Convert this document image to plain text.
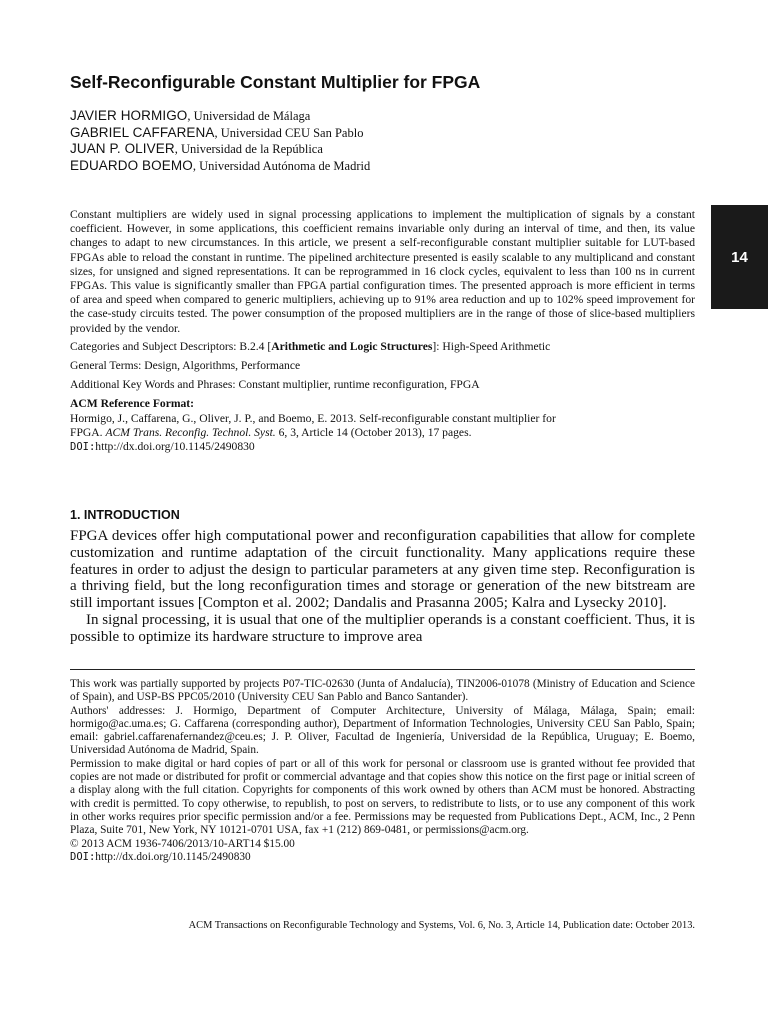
Self-Reconfigurable Constant Multiplier for FPGA
JAVIER HORMIGO, Universidad de Málaga
GABRIEL CAFFARENA, Universidad CEU San Pablo
JUAN P. OLIVER, Universidad de la República
EDUARDO BOEMO, Universidad Autónoma de Madrid
14

Constant multipliers are widely used in signal processing applications to implement the multiplication of signals by a constant coefficient. However, in some applications, this coefficient remains invariable only during an interval of time, and then, its value changes to adapt to new circumstances. In this article, we present a self-reconfigurable constant multiplier suitable for LUT-based FPGAs able to reload the constant in runtime. The pipelined architecture presented is easily scalable to any multiplicand and constant sizes, for unsigned and signed representations. It can be reprogrammed in 16 clock cycles, equivalent to less than 100 ns in current FPGAs. This value is significantly smaller than FPGA partial configuration times. The presented approach is more efficient in terms of area and speed when compared to generic multipliers, achieving up to 91% area reduction and up to 102% speed improvement for the case-study circuits tested. The power consumption of the proposed multipliers are in the range of those of slice-based multipliers provided by the vendor.

Categories and Subject Descriptors: B.2.4 [Arithmetic and Logic Structures]: High-Speed Arithmetic

General Terms: Design, Algorithms, Performance

Additional Key Words and Phrases: Constant multiplier, runtime reconfiguration, FPGA

ACM Reference Format:

Hormigo, J., Caffarena, G., Oliver, J. P., and Boemo, E. 2013. Self-reconfigurable constant multiplier for

FPGA. ACM Trans. Reconfig. Technol. Syst. 6, 3, Article 14 (October 2013), 17 pages.

DOI:http://dx.doi.org/10.1145/2490830

1. INTRODUCTION

FPGA devices offer high computational power and reconfiguration capabilities that allow for complete customization and runtime adaptation of the circuit functionality. Many applications require these features in order to adjust the design to particular parameters at any given time step. Reconfiguration is a thriving field, but the long reconfiguration times and storage or generation of the new bitstream are still important issues [Compton et al. 2002; Dandalis and Prasanna 2005; Kalra and Lysecky 2010].

In signal processing, it is usual that one of the multiplier operands is a constant coefficient. Thus, it is possible to optimize its hardware structure to improve area

This work was partially supported by projects P07-TIC-02630 (Junta of Andalucía), TIN2006-01078 (Ministry of Education and Science of Spain), and USP-BS PPC05/2010 (University CEU San Pablo and Banco Santander).

Authors' addresses: J. Hormigo, Department of Computer Architecture, University of Málaga, Málaga, Spain; email: hormigo@ac.uma.es; G. Caffarena (corresponding author), Department of Information Technologies, University CEU San Pablo, Spain; email: gabriel.caffarenafernandez@ceu.es; J. P. Oliver, Facultad de Ingeniería, Universidad de la República, Uruguay; E. Boemo, Universidad Autónoma de Madrid, Spain.

Permission to make digital or hard copies of part or all of this work for personal or classroom use is granted without fee provided that copies are not made or distributed for profit or commercial advantage and that copies show this notice on the first page or initial screen of a display along with the full citation. Copyrights for components of this work owned by others than ACM must be honored. Abstracting with credit is permitted. To copy otherwise, to republish, to post on servers, to redistribute to lists, or to use any component of this work in other works requires prior specific permission and/or a fee. Permissions may be requested from Publications Dept., ACM, Inc., 2 Penn Plaza, Suite 701, New York, NY 10121-0701 USA, fax +1 (212) 869-0481, or permissions@acm.org.

© 2013 ACM 1936-7406/2013/10-ART14 $15.00

DOI:http://dx.doi.org/10.1145/2490830

ACM Transactions on Reconfigurable Technology and Systems, Vol. 6, No. 3, Article 14, Publication date: October 2013.
